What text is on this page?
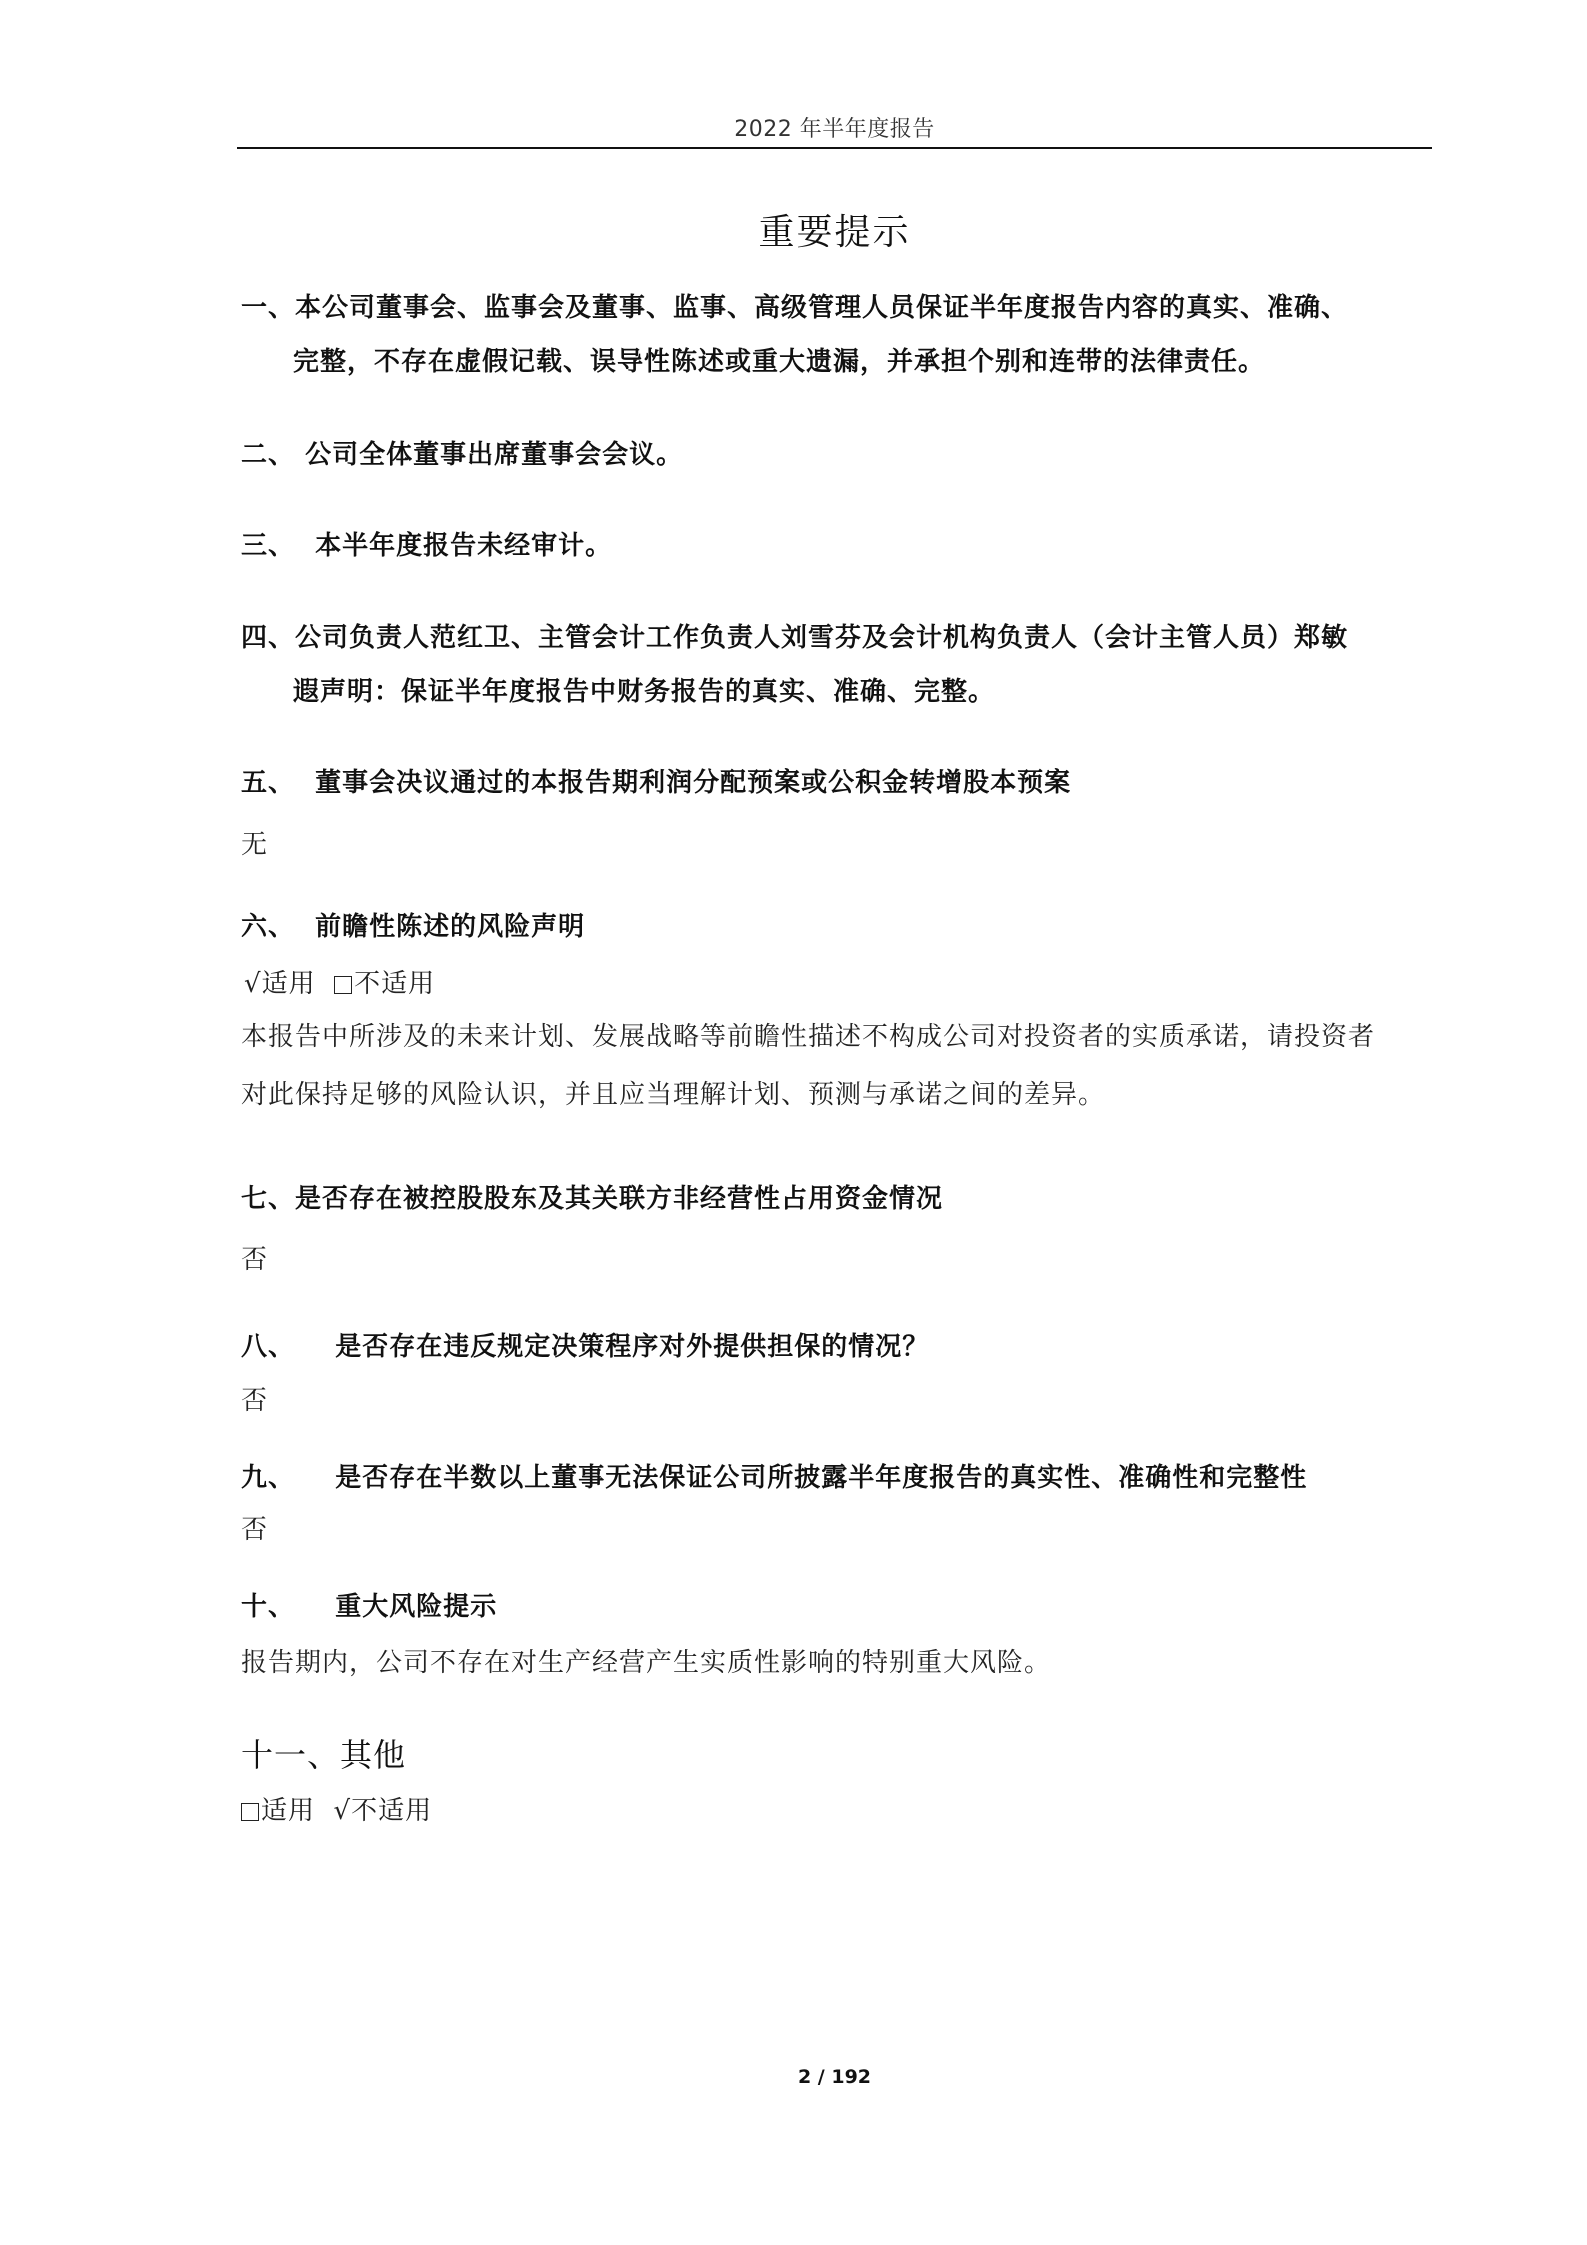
2022 年半年度报告
重要提示
一、本公司董事会、监事会及董事、监事、高级管理人员保证半年度报告内容的真实、准确、
完整，不存在虚假记载、误导性陈述或重大遗漏，并承担个别和连带的法律责任。
二、 公司全体董事出席董事会会议。
三、 本半年度报告未经审计。
四、公司负责人范红卫、主管会计工作负责人刘雪芬及会计机构负责人（会计主管人员）郑敏
遐声明：保证半年度报告中财务报告的真实、准确、完整。
五、 董事会决议通过的本报告期利润分配预案或公积金转增股本预案
无
六、 前瞻性陈述的风险声明
√适用 不适用
本报告中所涉及的未来计划、发展战略等前瞻性描述不构成公司对投资者的实质承诺，请投资者
对此保持足够的风险认识，并且应当理解计划、预测与承诺之间的差异。
七、是否存在被控股股东及其关联方非经营性占用资金情况
否
八、 是否存在违反规定决策程序对外提供担保的情况？
否
九、 是否存在半数以上董事无法保证公司所披露半年度报告的真实性、准确性和完整性
否
十、 重大风险提示
报告期内，公司不存在对生产经营产生实质性影响的特别重大风险。
十一、其他
适用 √不适用
2 / 192
